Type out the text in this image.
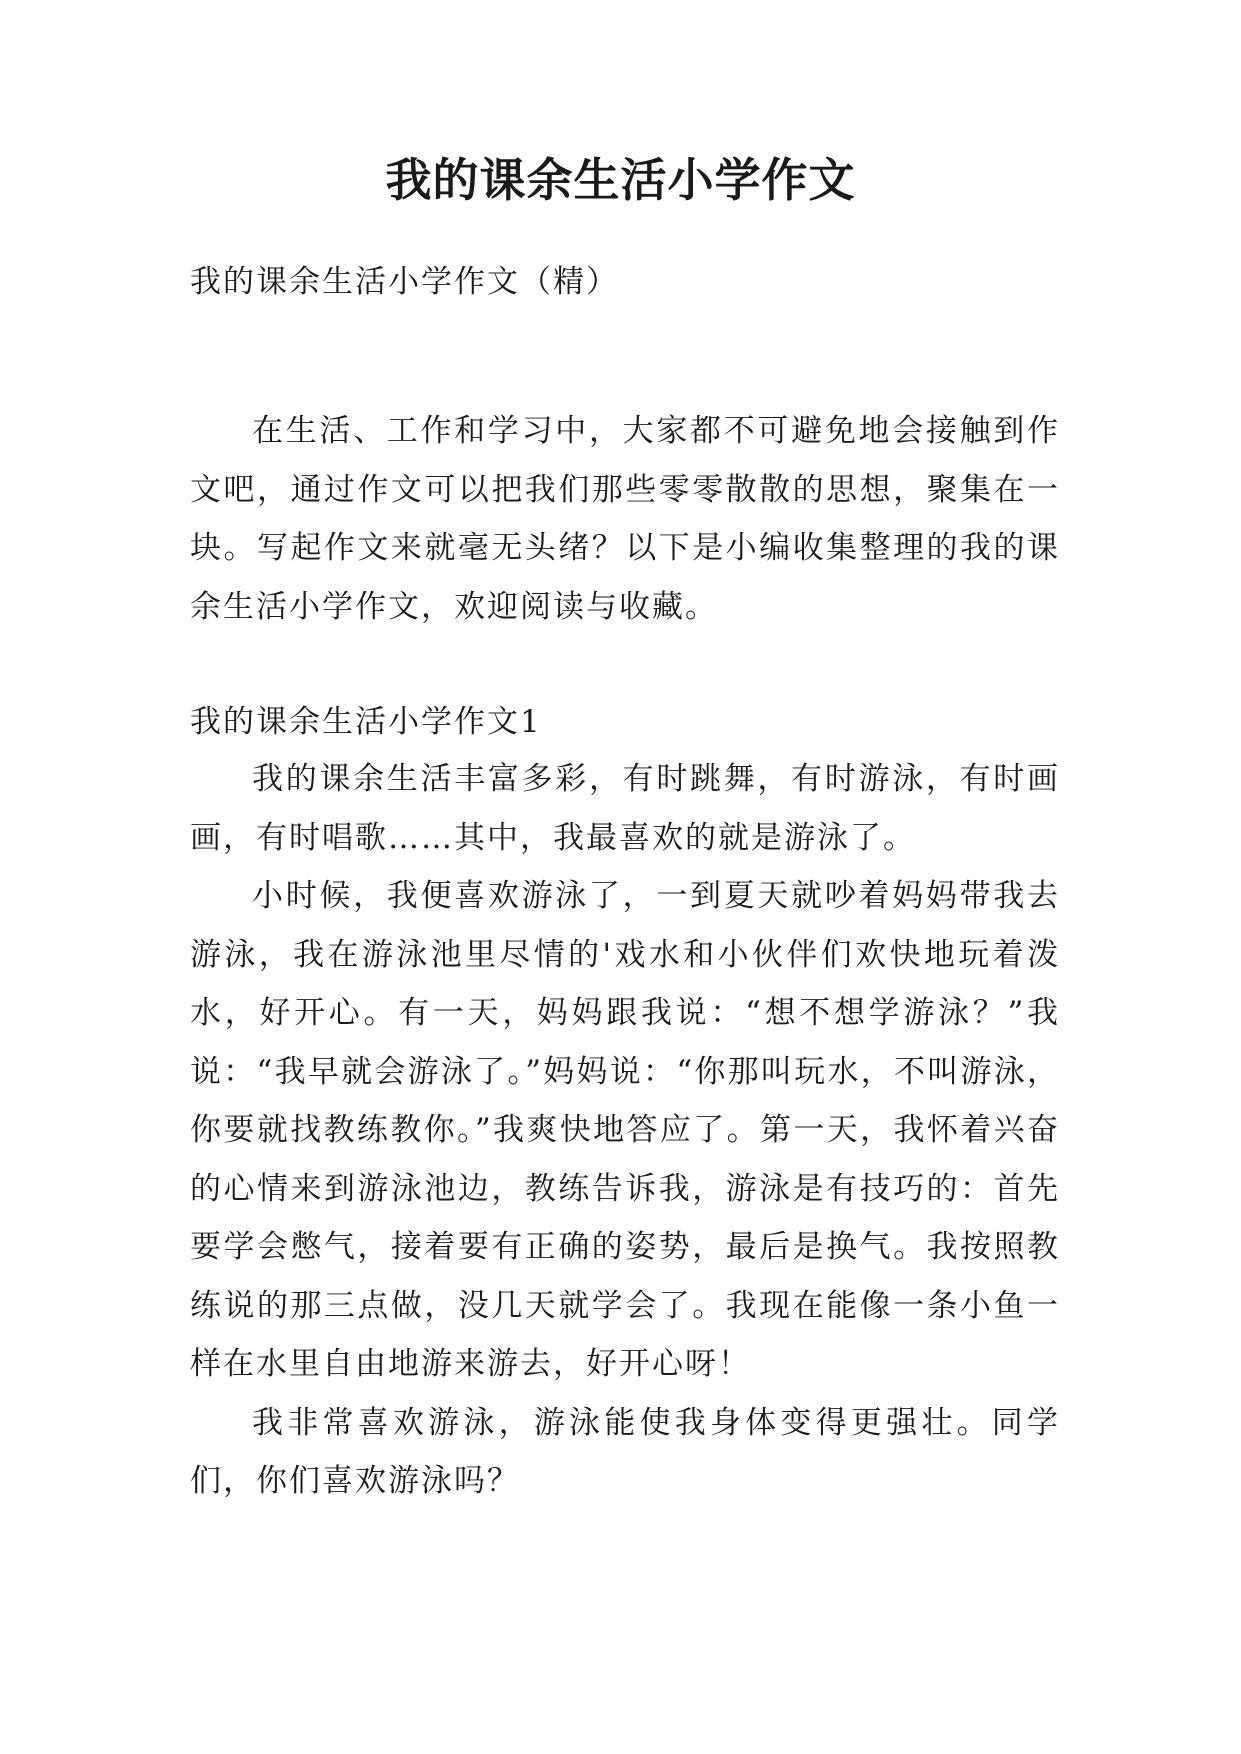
我的课余生活小学作文

我的课余生活小学作文（精）

在生活、工作和学习中，大家都不可避免地会接触到作文吧，通过作文可以把我们那些零零散散的思想，聚集在一块。写起作文来就毫无头绪？以下是小编收集整理的我的课余生活小学作文，欢迎阅读与收藏。

我的课余生活小学作文1

我的课余生活丰富多彩，有时跳舞，有时游泳，有时画画，有时唱歌……其中，我最喜欢的就是游泳了。

小时候，我便喜欢游泳了，一到夏天就吵着妈妈带我去游泳，我在游泳池里尽情的'戏水和小伙伴们欢快地玩着泼水，好开心。有一天，妈妈跟我说：“想不想学游泳？”我说：“我早就会游泳了。”妈妈说：“你那叫玩水，不叫游泳，你要就找教练教你。”我爽快地答应了。第一天，我怀着兴奋的心情来到游泳池边，教练告诉我，游泳是有技巧的：首先要学会憋气，接着要有正确的姿势，最后是换气。我按照教练说的那三点做，没几天就学会了。我现在能像一条小鱼一样在水里自由地游来游去，好开心呀！

我非常喜欢游泳，游泳能使我身体变得更强壮。同学们，你们喜欢游泳吗？
